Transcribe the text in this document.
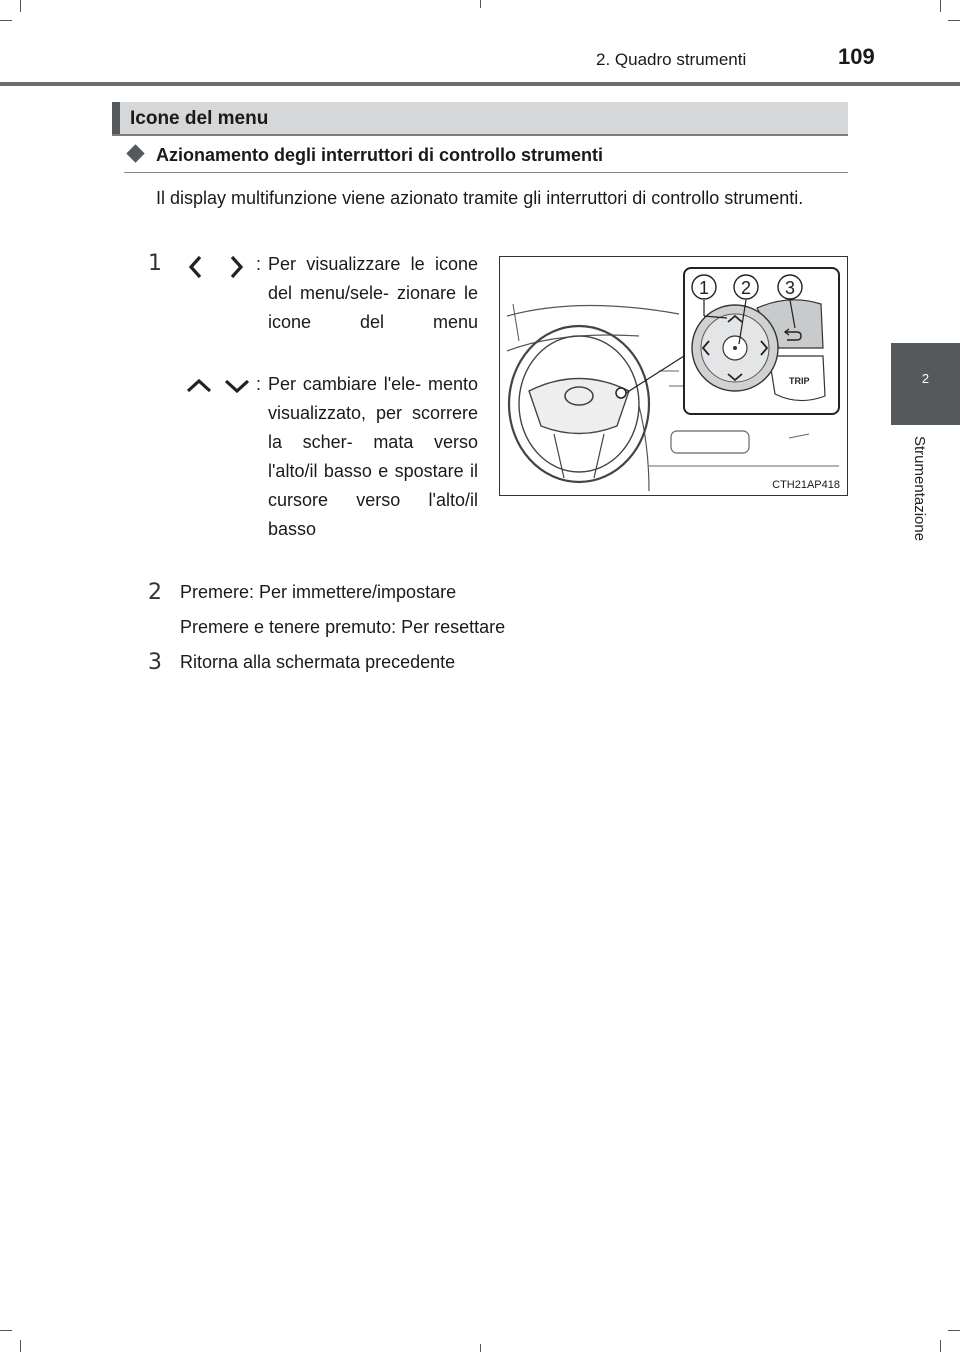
2. Quadro strumenti	109
2
Strumentazione
Icone del menu
Azionamento degli interruttori di controllo strumenti
Il display multifunzione viene azionato tramite gli interruttori di controllo strumenti.
1	: Per visualizzare le icone del menu/sele- zionare le icone del menu
: Per cambiare l'ele- mento visualizzato, per scorrere la scher- mata verso l'alto/il basso e spostare il cursore verso l'alto/il basso
2 Premere: Per immettere/impostare
Premere e tenere premuto: Per resettare
3 Ritorna alla schermata precedente
TRIP
1 2 3
CTH21AP418
